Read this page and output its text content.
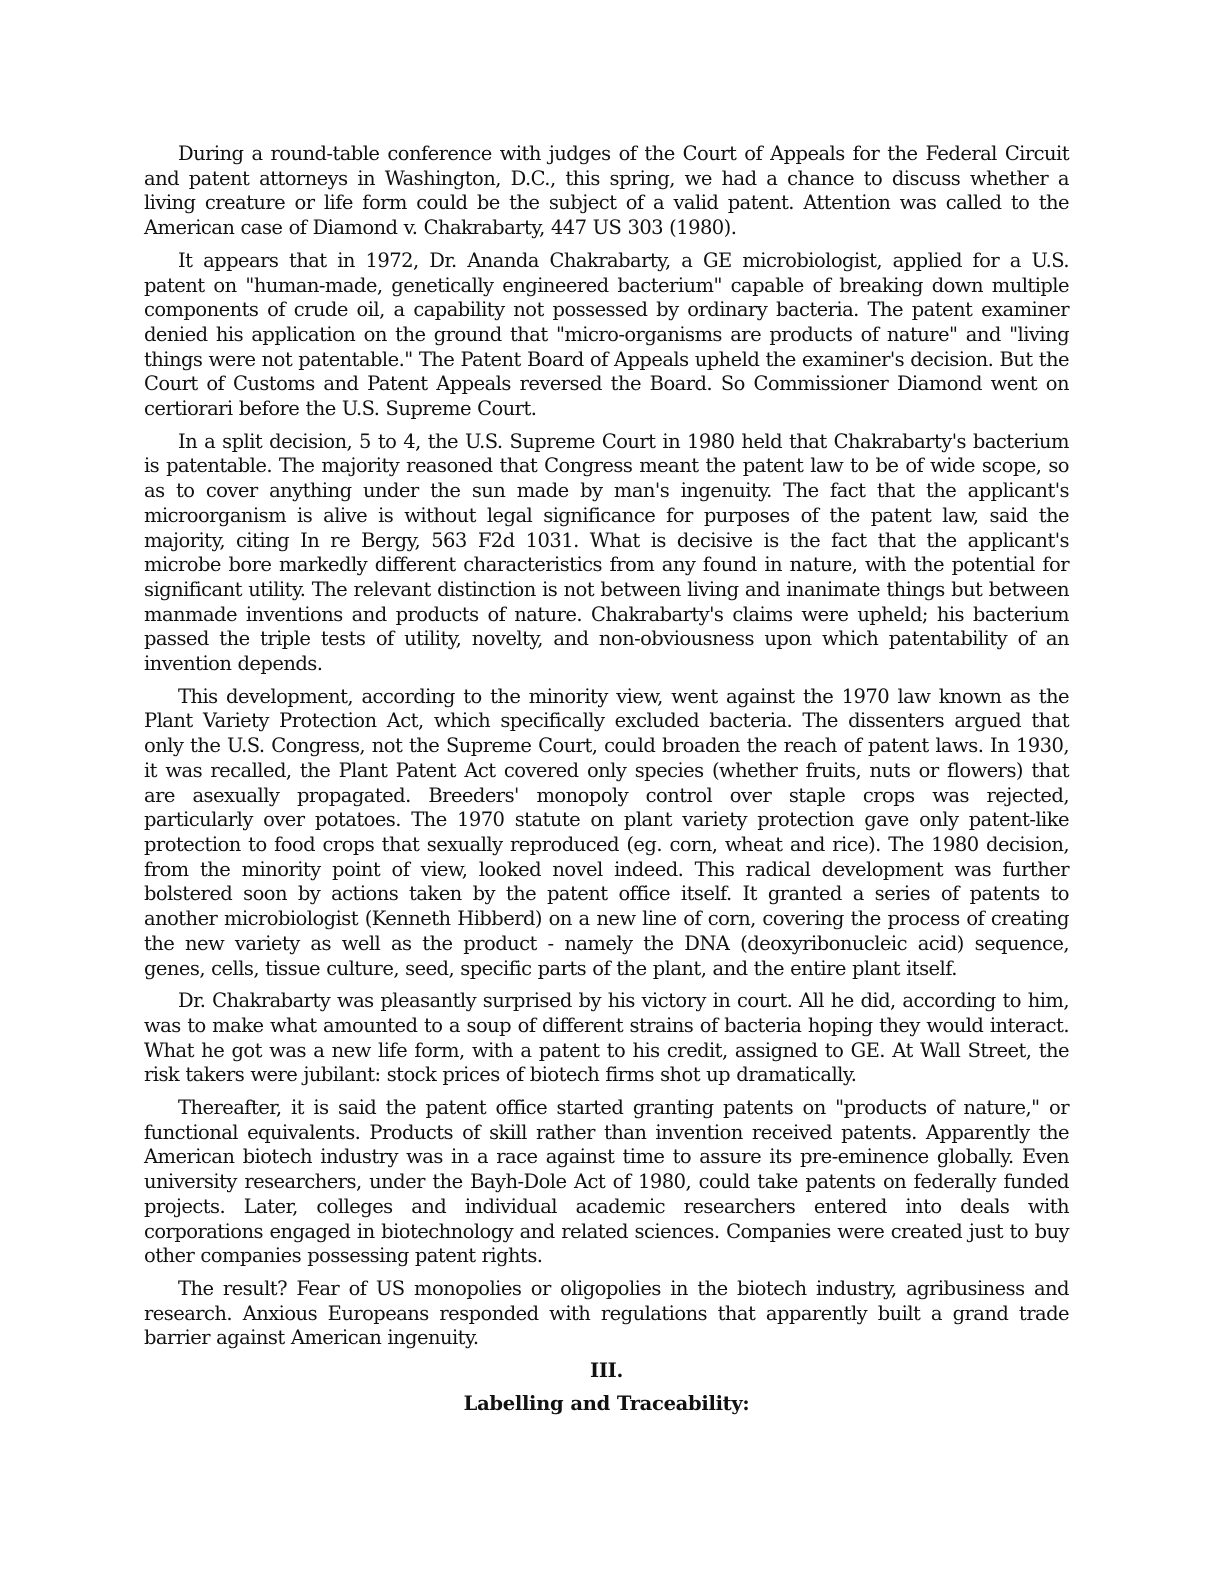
During a round-table conference with judges of the Court of Appeals for the Federal Circuit and patent attorneys in Washington, D.C., this spring, we had a chance to discuss whether a living creature or life form could be the subject of a valid patent. Attention was called to the American case of Diamond v. Chakrabarty, 447 US 303 (1980).

It appears that in 1972, Dr. Ananda Chakrabarty, a GE microbiologist, applied for a U.S. patent on "human-made, genetically engineered bacterium" capable of breaking down multiple components of crude oil, a capability not possessed by ordinary bacteria. The patent examiner denied his application on the ground that "micro-organisms are products of nature" and "living things were not patentable." The Patent Board of Appeals upheld the examiner's decision. But the Court of Customs and Patent Appeals reversed the Board. So Commissioner Diamond went on certiorari before the U.S. Supreme Court.

In a split decision, 5 to 4, the U.S. Supreme Court in 1980 held that Chakrabarty's bacterium is patentable. The majority reasoned that Congress meant the patent law to be of wide scope, so as to cover anything under the sun made by man's ingenuity. The fact that the applicant's microorganism is alive is without legal significance for purposes of the patent law, said the majority, citing In re Bergy, 563 F2d 1031. What is decisive is the fact that the applicant's microbe bore markedly different characteristics from any found in nature, with the potential for significant utility. The relevant distinction is not between living and inanimate things but between manmade inventions and products of nature. Chakrabarty's claims were upheld; his bacterium passed the triple tests of utility, novelty, and non-obviousness upon which patentability of an invention depends.

This development, according to the minority view, went against the 1970 law known as the Plant Variety Protection Act, which specifically excluded bacteria. The dissenters argued that only the U.S. Congress, not the Supreme Court, could broaden the reach of patent laws. In 1930, it was recalled, the Plant Patent Act covered only species (whether fruits, nuts or flowers) that are asexually propagated. Breeders' monopoly control over staple crops was rejected, particularly over potatoes. The 1970 statute on plant variety protection gave only patent-like protection to food crops that sexually reproduced (eg. corn, wheat and rice). The 1980 decision, from the minority point of view, looked novel indeed. This radical development was further bolstered soon by actions taken by the patent office itself. It granted a series of patents to another microbiologist (Kenneth Hibberd) on a new line of corn, covering the process of creating the new variety as well as the product - namely the DNA (deoxyribonucleic acid) sequence, genes, cells, tissue culture, seed, specific parts of the plant, and the entire plant itself.

Dr. Chakrabarty was pleasantly surprised by his victory in court. All he did, according to him, was to make what amounted to a soup of different strains of bacteria hoping they would interact. What he got was a new life form, with a patent to his credit, assigned to GE. At Wall Street, the risk takers were jubilant: stock prices of biotech firms shot up dramatically.

Thereafter, it is said the patent office started granting patents on "products of nature," or functional equivalents. Products of skill rather than invention received patents. Apparently the American biotech industry was in a race against time to assure its pre-eminence globally. Even university researchers, under the Bayh-Dole Act of 1980, could take patents on federally funded projects. Later, colleges and individual academic researchers entered into deals with corporations engaged in biotechnology and related sciences. Companies were created just to buy other companies possessing patent rights.

The result? Fear of US monopolies or oligopolies in the biotech industry, agribusiness and research. Anxious Europeans responded with regulations that apparently built a grand trade barrier against American ingenuity.

III.
Labelling and Traceability:
